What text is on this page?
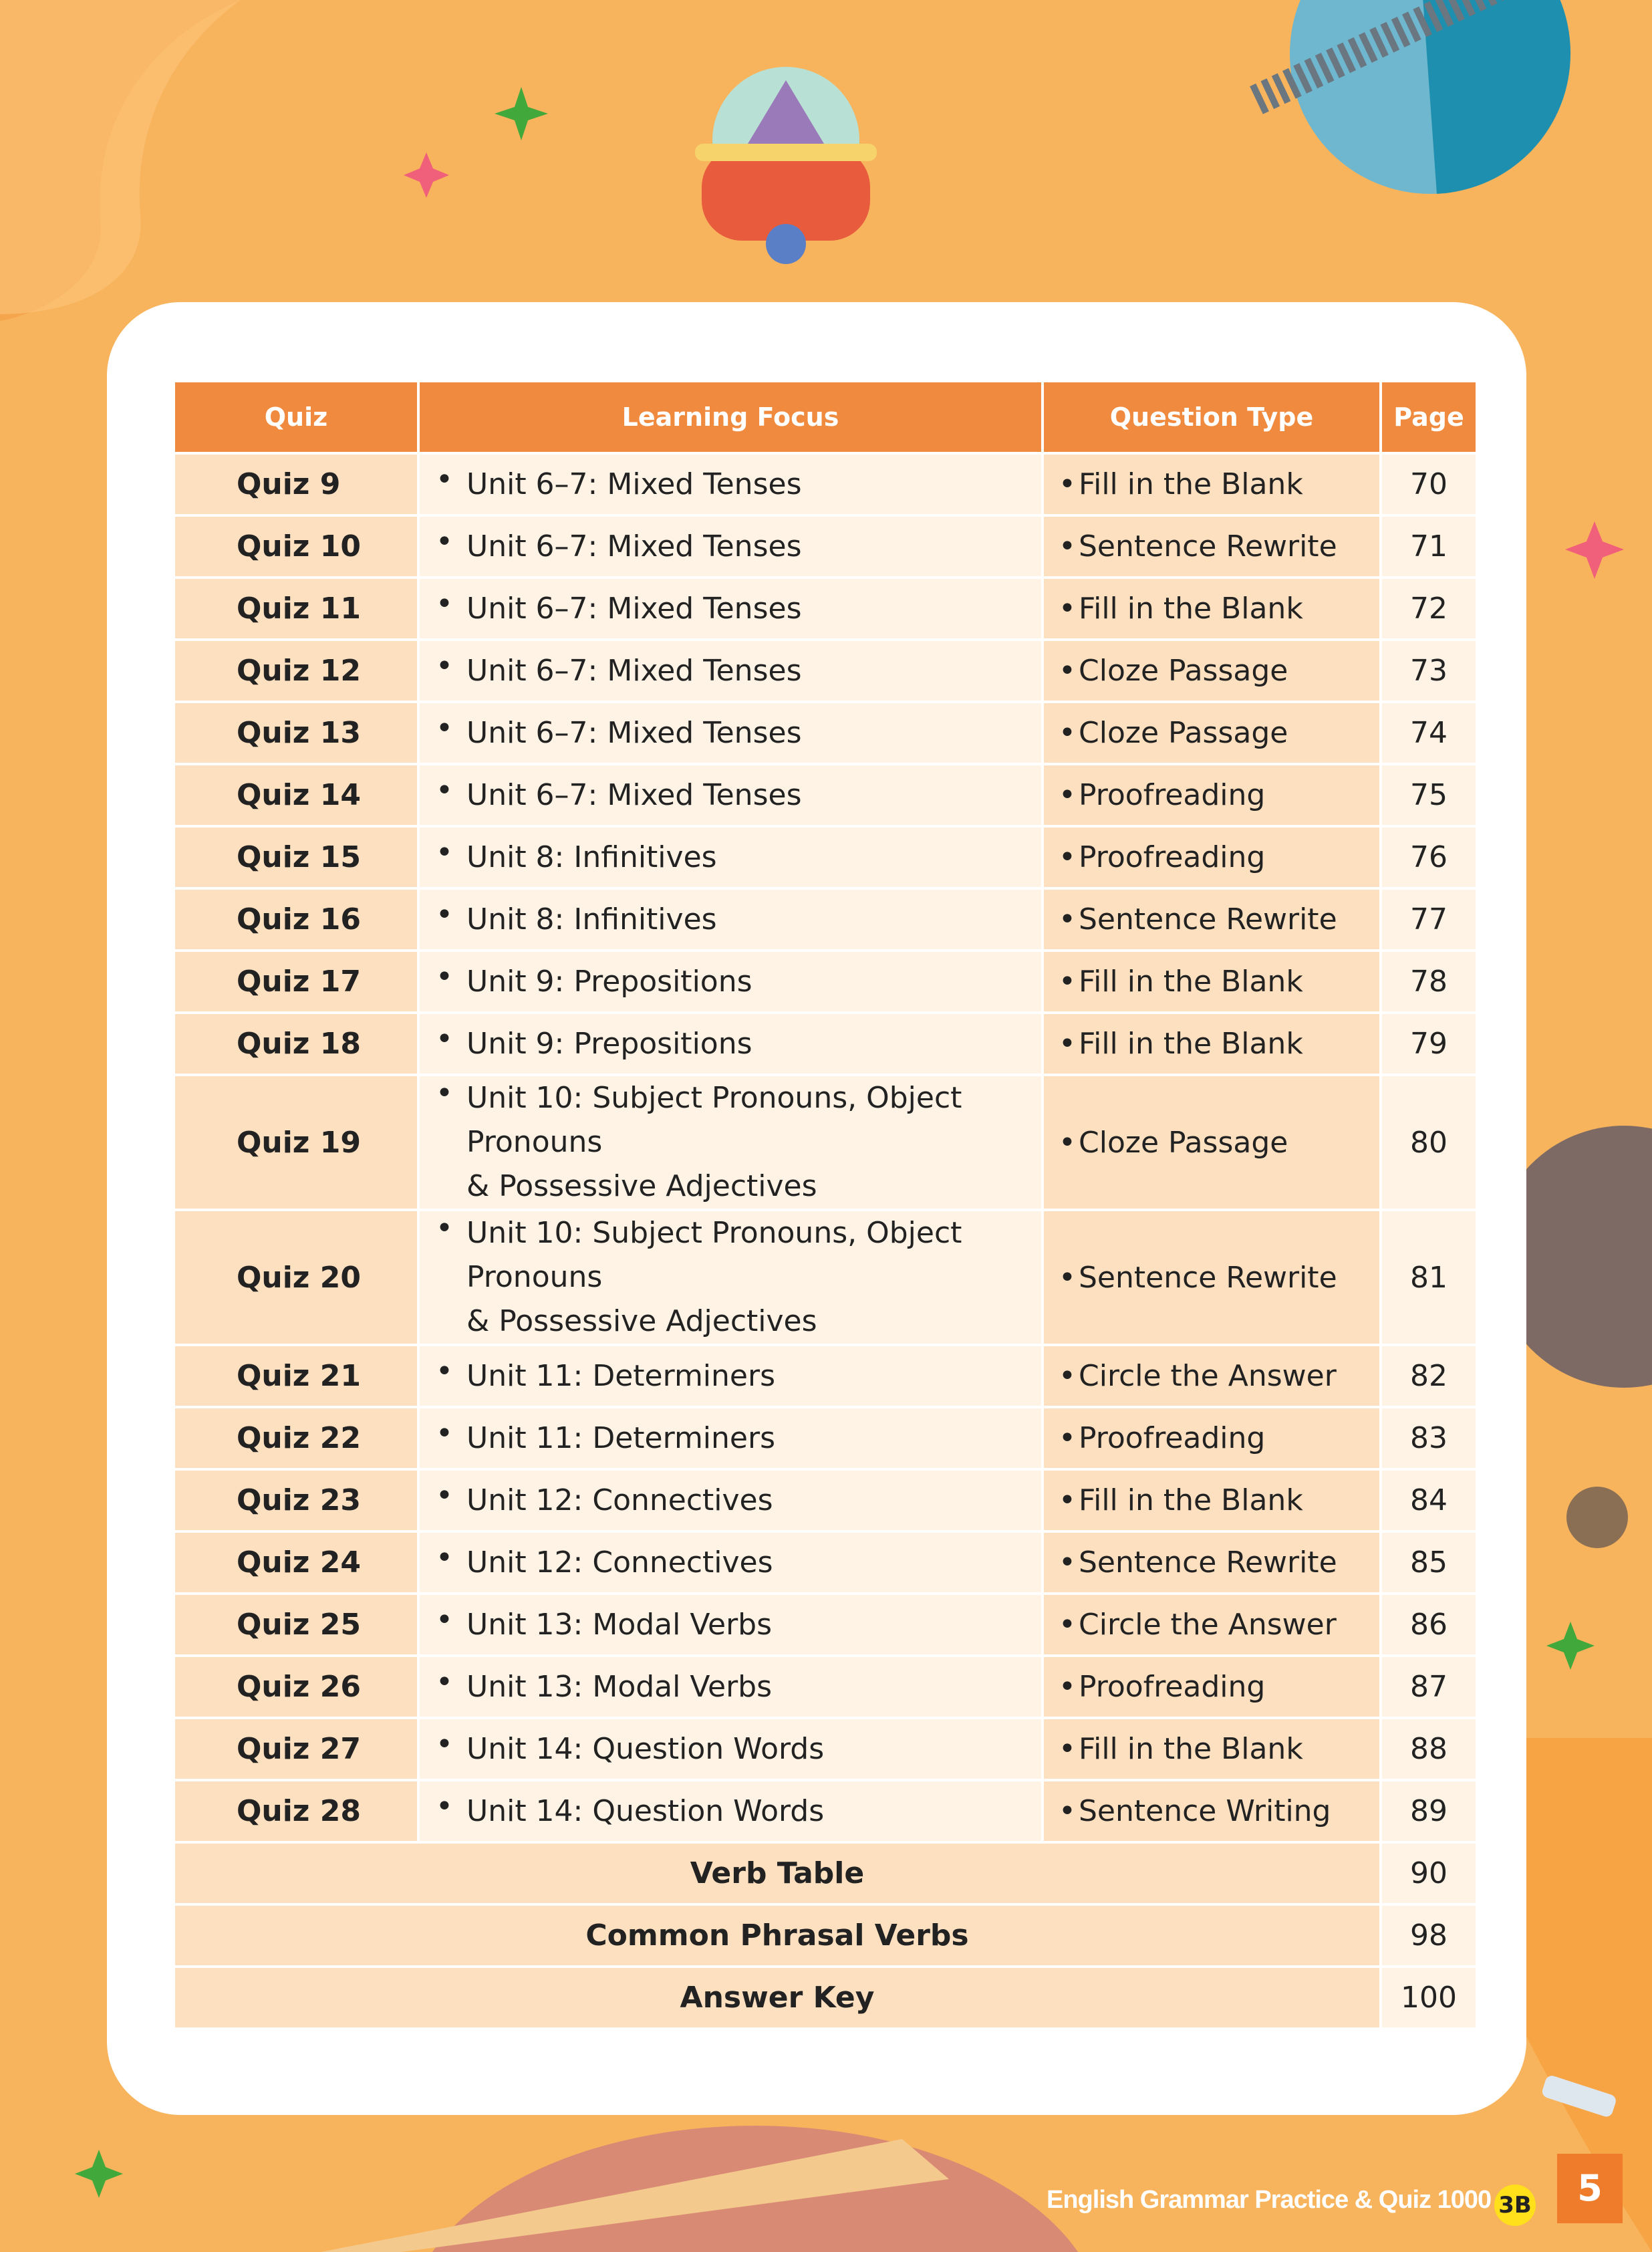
Quiz	Learning Focus	Question Type	Page
Quiz 9	• Unit 6–7: Mixed Tenses	•Fill in the Blank	70
Quiz 10	• Unit 6–7: Mixed Tenses	•Sentence Rewrite	71
Quiz 11	• Unit 6–7: Mixed Tenses	•Fill in the Blank	72
Quiz 12	• Unit 6–7: Mixed Tenses	•Cloze Passage	73
Quiz 13	• Unit 6–7: Mixed Tenses	•Cloze Passage	74
Quiz 14	• Unit 6–7: Mixed Tenses	•Proofreading	75
Quiz 15	• Unit 8: Infinitives	•Proofreading	76
Quiz 16	• Unit 8: Infinitives	•Sentence Rewrite	77
Quiz 17	• Unit 9: Prepositions	•Fill in the Blank	78
Quiz 18	• Unit 9: Prepositions	•Fill in the Blank	79
Quiz 19	• Unit 10: Subject Pronouns, Object Pronouns
& Possessive Adjectives	•Cloze Passage	80
Quiz 20	• Unit 10: Subject Pronouns, Object Pronouns
& Possessive Adjectives	•Sentence Rewrite	81
Quiz 21	• Unit 11: Determiners	•Circle the Answer	82
Quiz 22	• Unit 11: Determiners	•Proofreading	83
Quiz 23	• Unit 12: Connectives	•Fill in the Blank	84
Quiz 24	• Unit 12: Connectives	•Sentence Rewrite	85
Quiz 25	• Unit 13: Modal Verbs	•Circle the Answer	86
Quiz 26	• Unit 13: Modal Verbs	•Proofreading	87
Quiz 27	• Unit 14: Question Words	•Fill in the Blank	88
Quiz 28	• Unit 14: Question Words	•Sentence Writing	89
Verb Table			90
Common Phrasal Verbs			98
Answer Key			100
English Grammar Practice & Quiz 1000 3B	5
